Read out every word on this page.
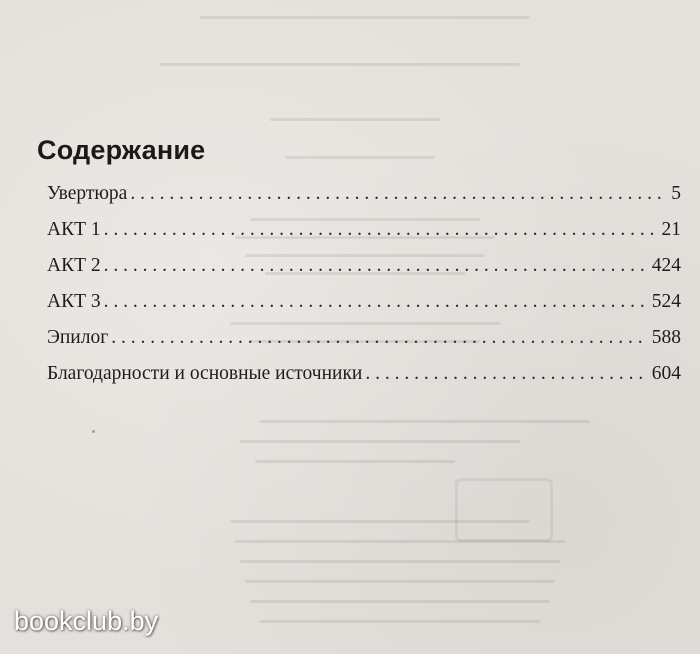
Содержание
Увертюра . . .	5
АКТ 1 . . .	21
АКТ 2 . . .	424
АКТ 3 . . .	524
Эпилог . . .	588
Благодарности и основные источники . . .	604
bookclub.by
